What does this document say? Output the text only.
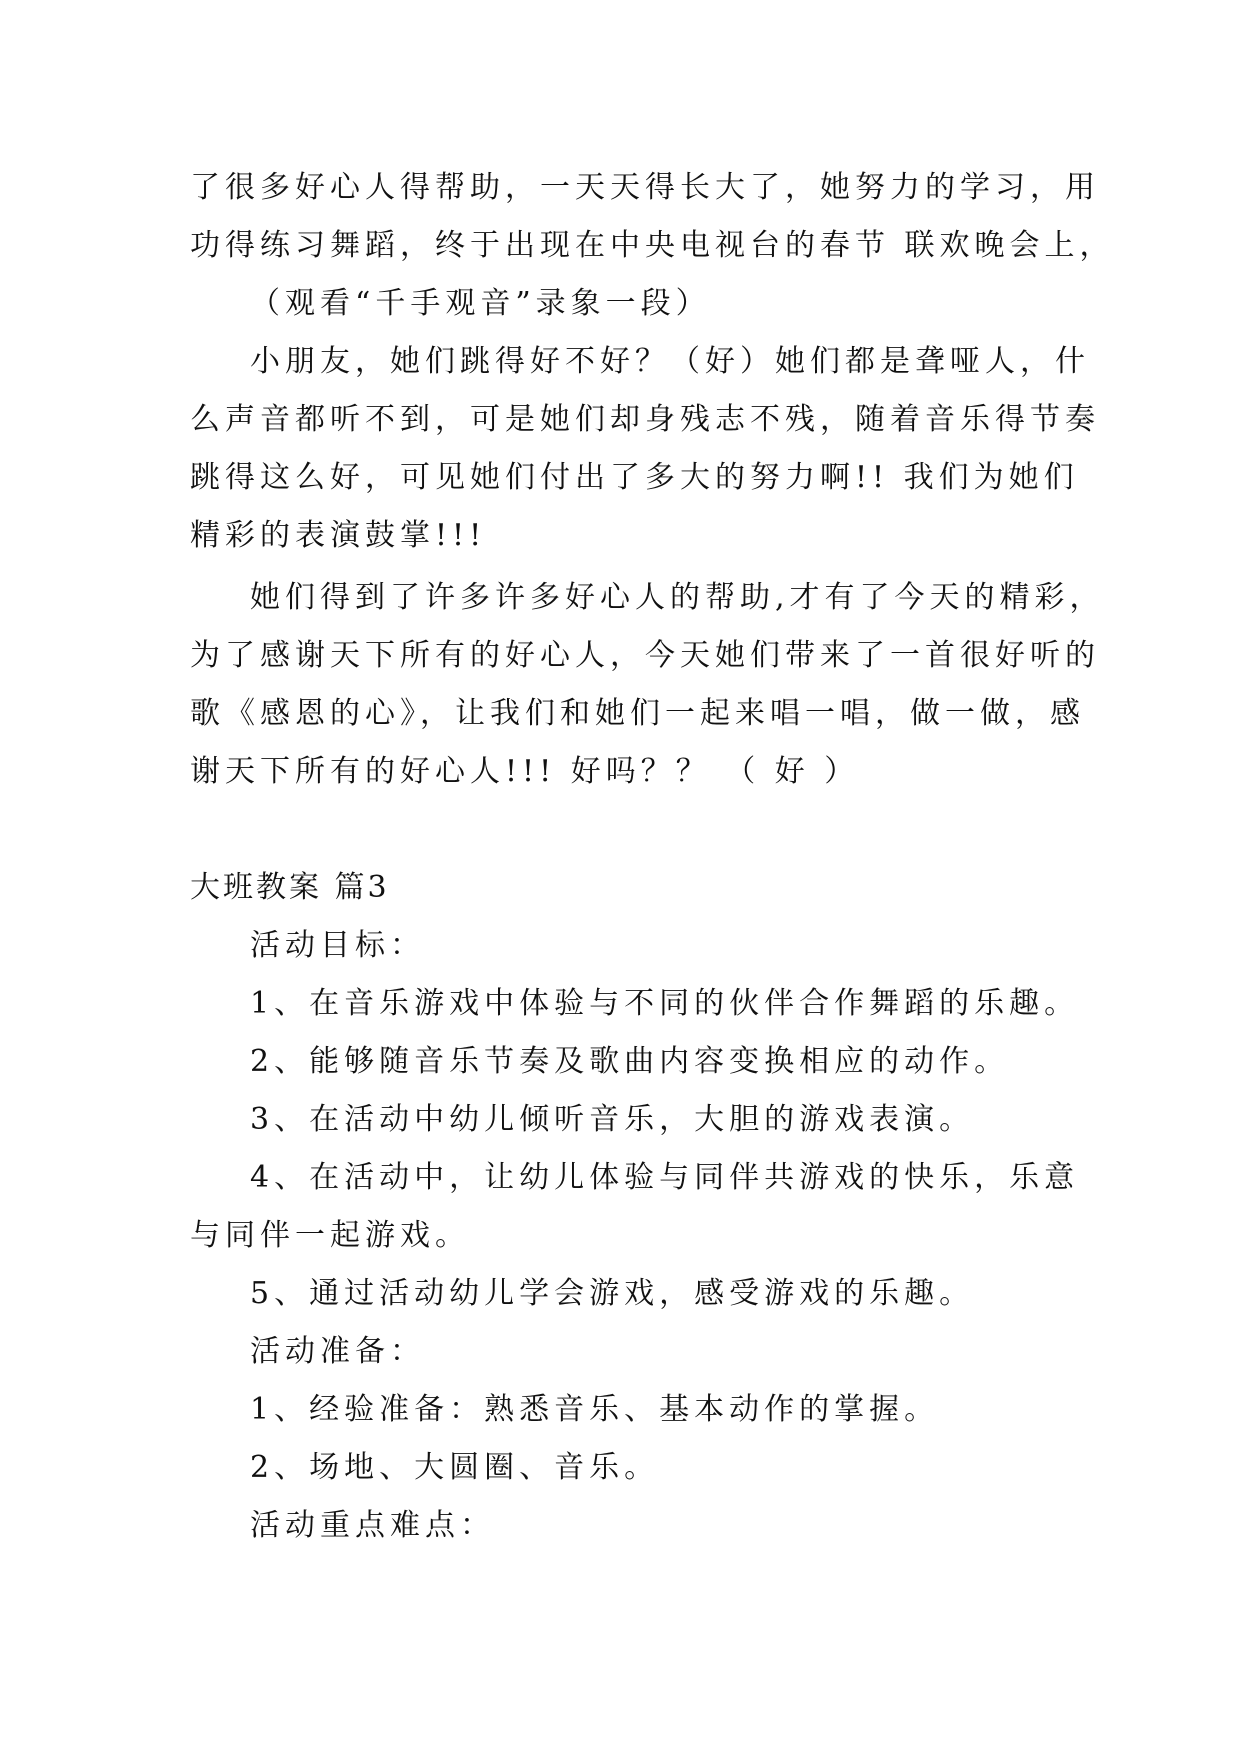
了很多好心人得帮助，一天天得长大了，她努力的学习，用
功得练习舞蹈，终于出现在中央电视台的春节 联欢晚会上，
（观看“千手观音”录象一段）
小朋友，她们跳得好不好？（好）她们都是聋哑人，什
么声音都听不到，可是她们却身残志不残，随着音乐得节奏
跳得这么好，可见她们付出了多大的努力啊!! 我们为她们
精彩的表演鼓掌!!!
她们得到了许多许多好心人的帮助,才有了今天的精彩，
为了感谢天下所有的好心人，今天她们带来了一首很好听的
歌《感恩的心》，让我们和她们一起来唱一唱，做一做，感
谢天下所有的好心人!!! 好吗？？ （ 好 ）
大班教案 篇3
活动目标：
1、在音乐游戏中体验与不同的伙伴合作舞蹈的乐趣。
2、能够随音乐节奏及歌曲内容变换相应的动作。
3、在活动中幼儿倾听音乐，大胆的游戏表演。
4、在活动中，让幼儿体验与同伴共游戏的快乐，乐意
与同伴一起游戏。
5、通过活动幼儿学会游戏，感受游戏的乐趣。
活动准备：
1、经验准备：熟悉音乐、基本动作的掌握。
2、场地、大圆圈、音乐。
活动重点难点：
